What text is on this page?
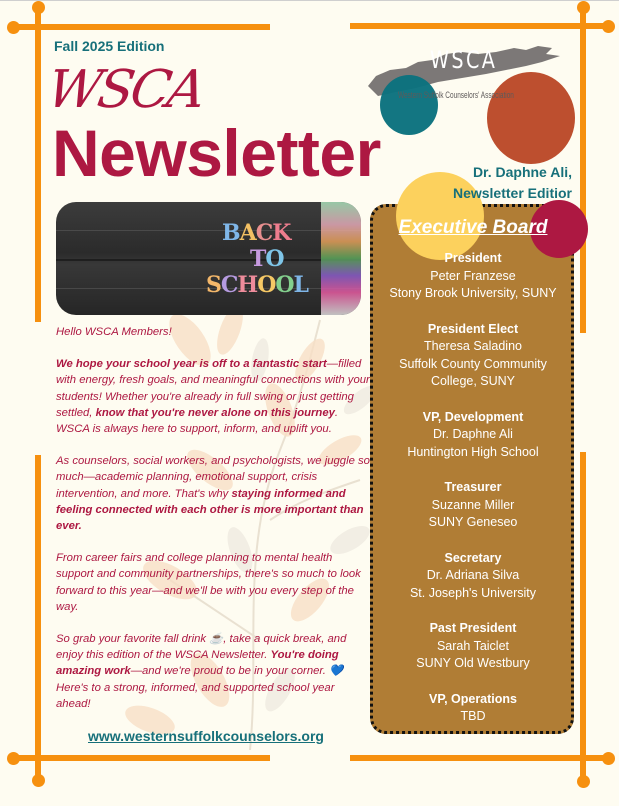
Fall 2025 Edition
WSCA
Newsletter
WSCA
Western Suffolk Counselors' Association
Dr. Daphne Ali,
Newsletter Editior
Executive Board
President
Peter Franzese
Stony Brook University, SUNY
President Elect
Theresa Saladino
Suffolk County Community College, SUNY
VP, Development
Dr. Daphne Ali
Huntington High School
Treasurer
Suzanne Miller
SUNY Geneseo
Secretary
Dr. Adriana Silva
St. Joseph's University
Past President
Sarah Taiclet
SUNY Old Westbury
VP, Operations
TBD
BACK
TO
SCHOOL

Hello WSCA Members!

We hope your school year is off to a fantastic start—filled with energy, fresh goals, and meaningful connections with your students! Whether you're already in full swing or just getting settled, know that you're never alone on this journey. WSCA is always here to support, inform, and uplift you.

As counselors, social workers, and psychologists, we juggle so much—academic planning, emotional support, crisis intervention, and more. That's why staying informed and feeling connected with each other is more important than ever.

From career fairs and college planning to mental health support and community partnerships, there's so much to look forward to this year—and we'll be with you every step of the way.

So grab your favorite fall drink ☕, take a quick break, and enjoy this edition of the WSCA Newsletter. You're doing amazing work—and we're proud to be in your corner. 💙 Here's to a strong, informed, and supported school year ahead!

www.westernsuffolkcounselors.org
